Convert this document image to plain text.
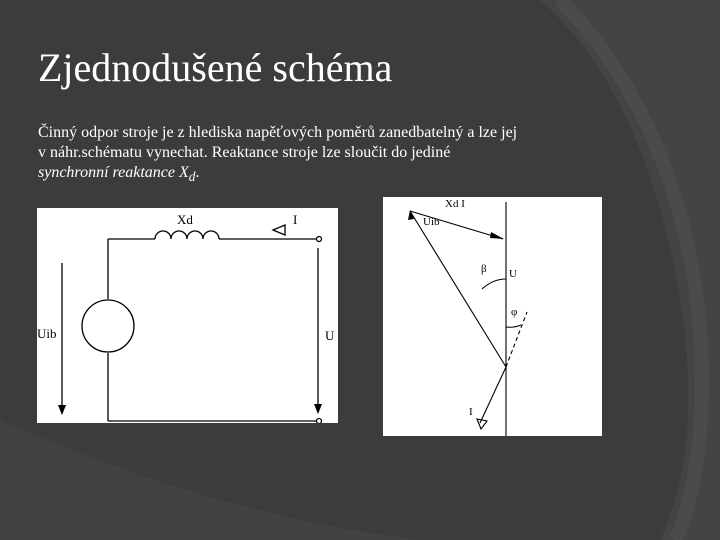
Zjednodušené schéma
Činný odpor stroje je z hlediska napěťových poměrů zanedbatelný a lze jej
v náhr.schématu vynechat. Reaktance stroje lze sloučit do jediné
synchronní reaktance $X_d$.
Xd	I
Uib	U
Xd I
Uib
β U
φ
I
